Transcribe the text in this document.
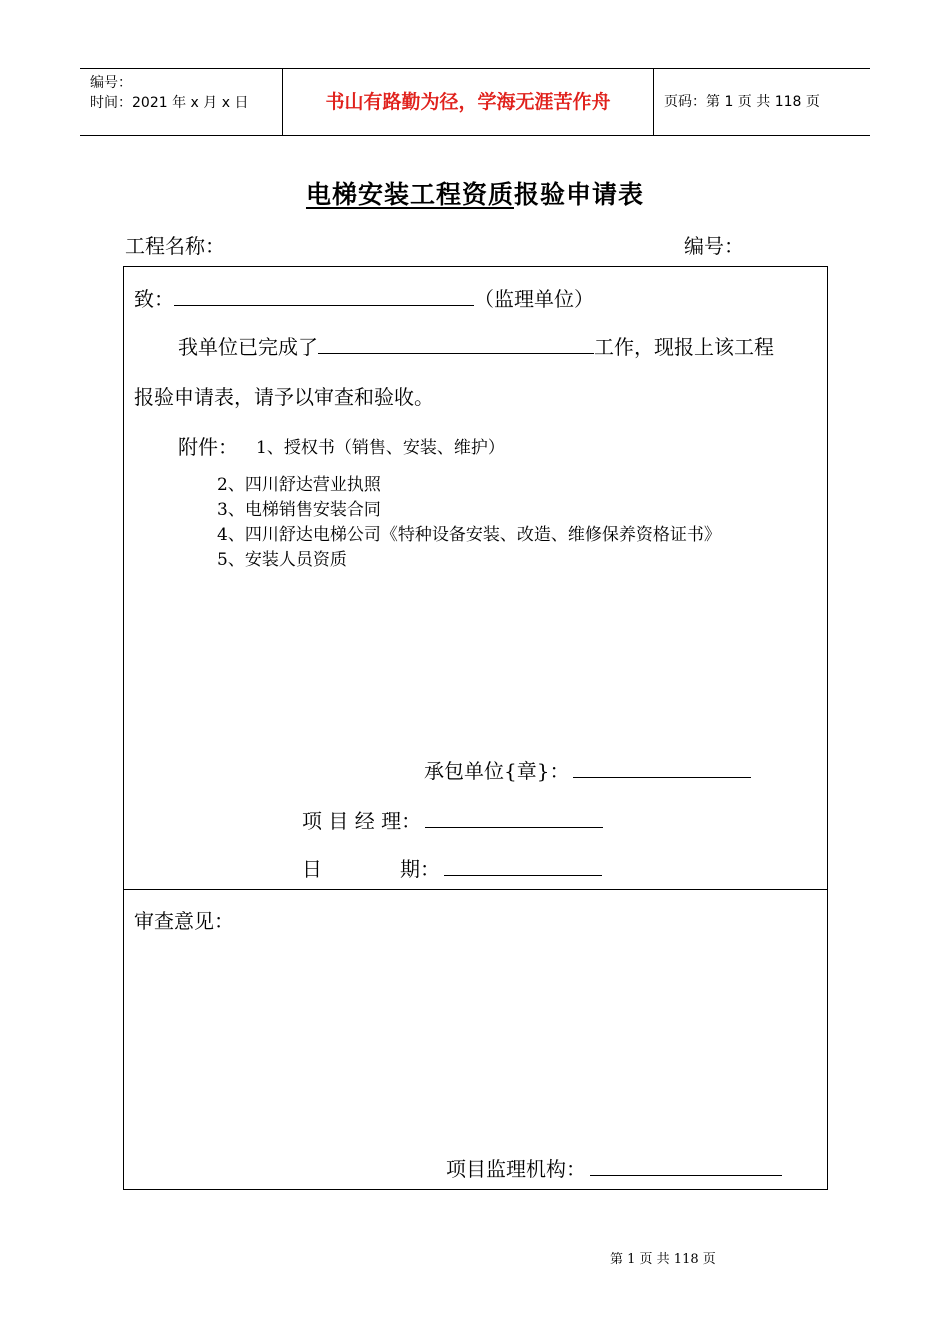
编号：
时间：2021 年 x 月 x 日	书山有路勤为径，学海无涯苦作舟	页码：第 1 页 共 118 页
电梯安装工程资质报验申请表
工程名称：	编号：
致：	（监理单位）
我单位已完成了	工作，现报上该工程
报验申请表，请予以审查和验收。
附件： 1、授权书（销售、安装、维护）
2、四川舒达营业执照
3、电梯销售安装合同
4、四川舒达电梯公司《特种设备安装、改造、维修保养资格证书》
5、安装人员资质
承包单位{章}：
项 目 经 理：
日	期：
审查意见：
项目监理机构：
第 1 页 共 118 页
